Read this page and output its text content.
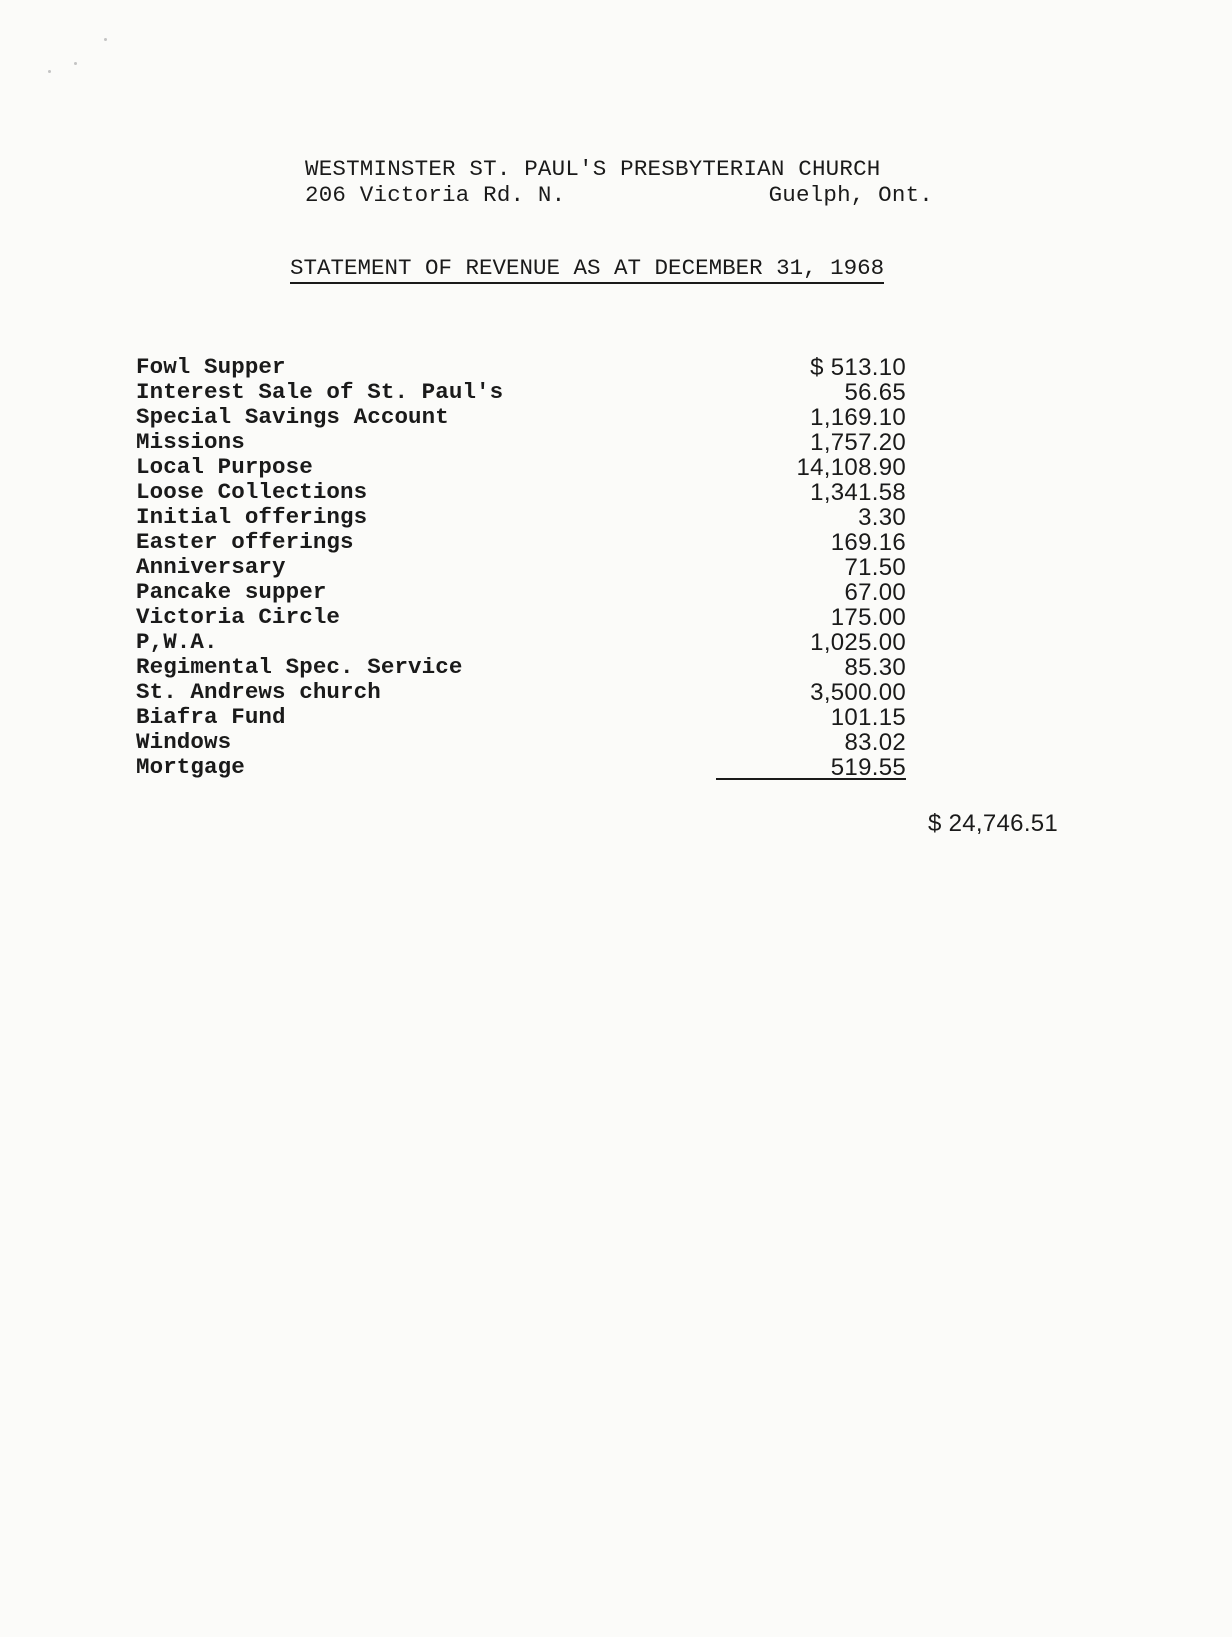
WESTMINSTER ST. PAUL'S PRESBYTERIAN CHURCH
206 Victoria Rd. N.	Guelph, Ont.
STATEMENT OF REVENUE AS AT DECEMBER 31, 1968
Fowl Supper	$ 513.10
Interest Sale of St. Paul's	56.65
Special Savings Account	1,169.10
Missions	1,757.20
Local Purpose	14,108.90
Loose Collections	1,341.58
Initial offerings	3.30
Easter offerings	169.16
Anniversary	71.50
Pancake supper	67.00
Victoria Circle	175.00
P,W.A.	1,025.00
Regimental Spec. Service	85.30
St. Andrews church	3,500.00
Biafra Fund	101.15
Windows	83.02
Mortgage	519.55
$ 24,746.51
